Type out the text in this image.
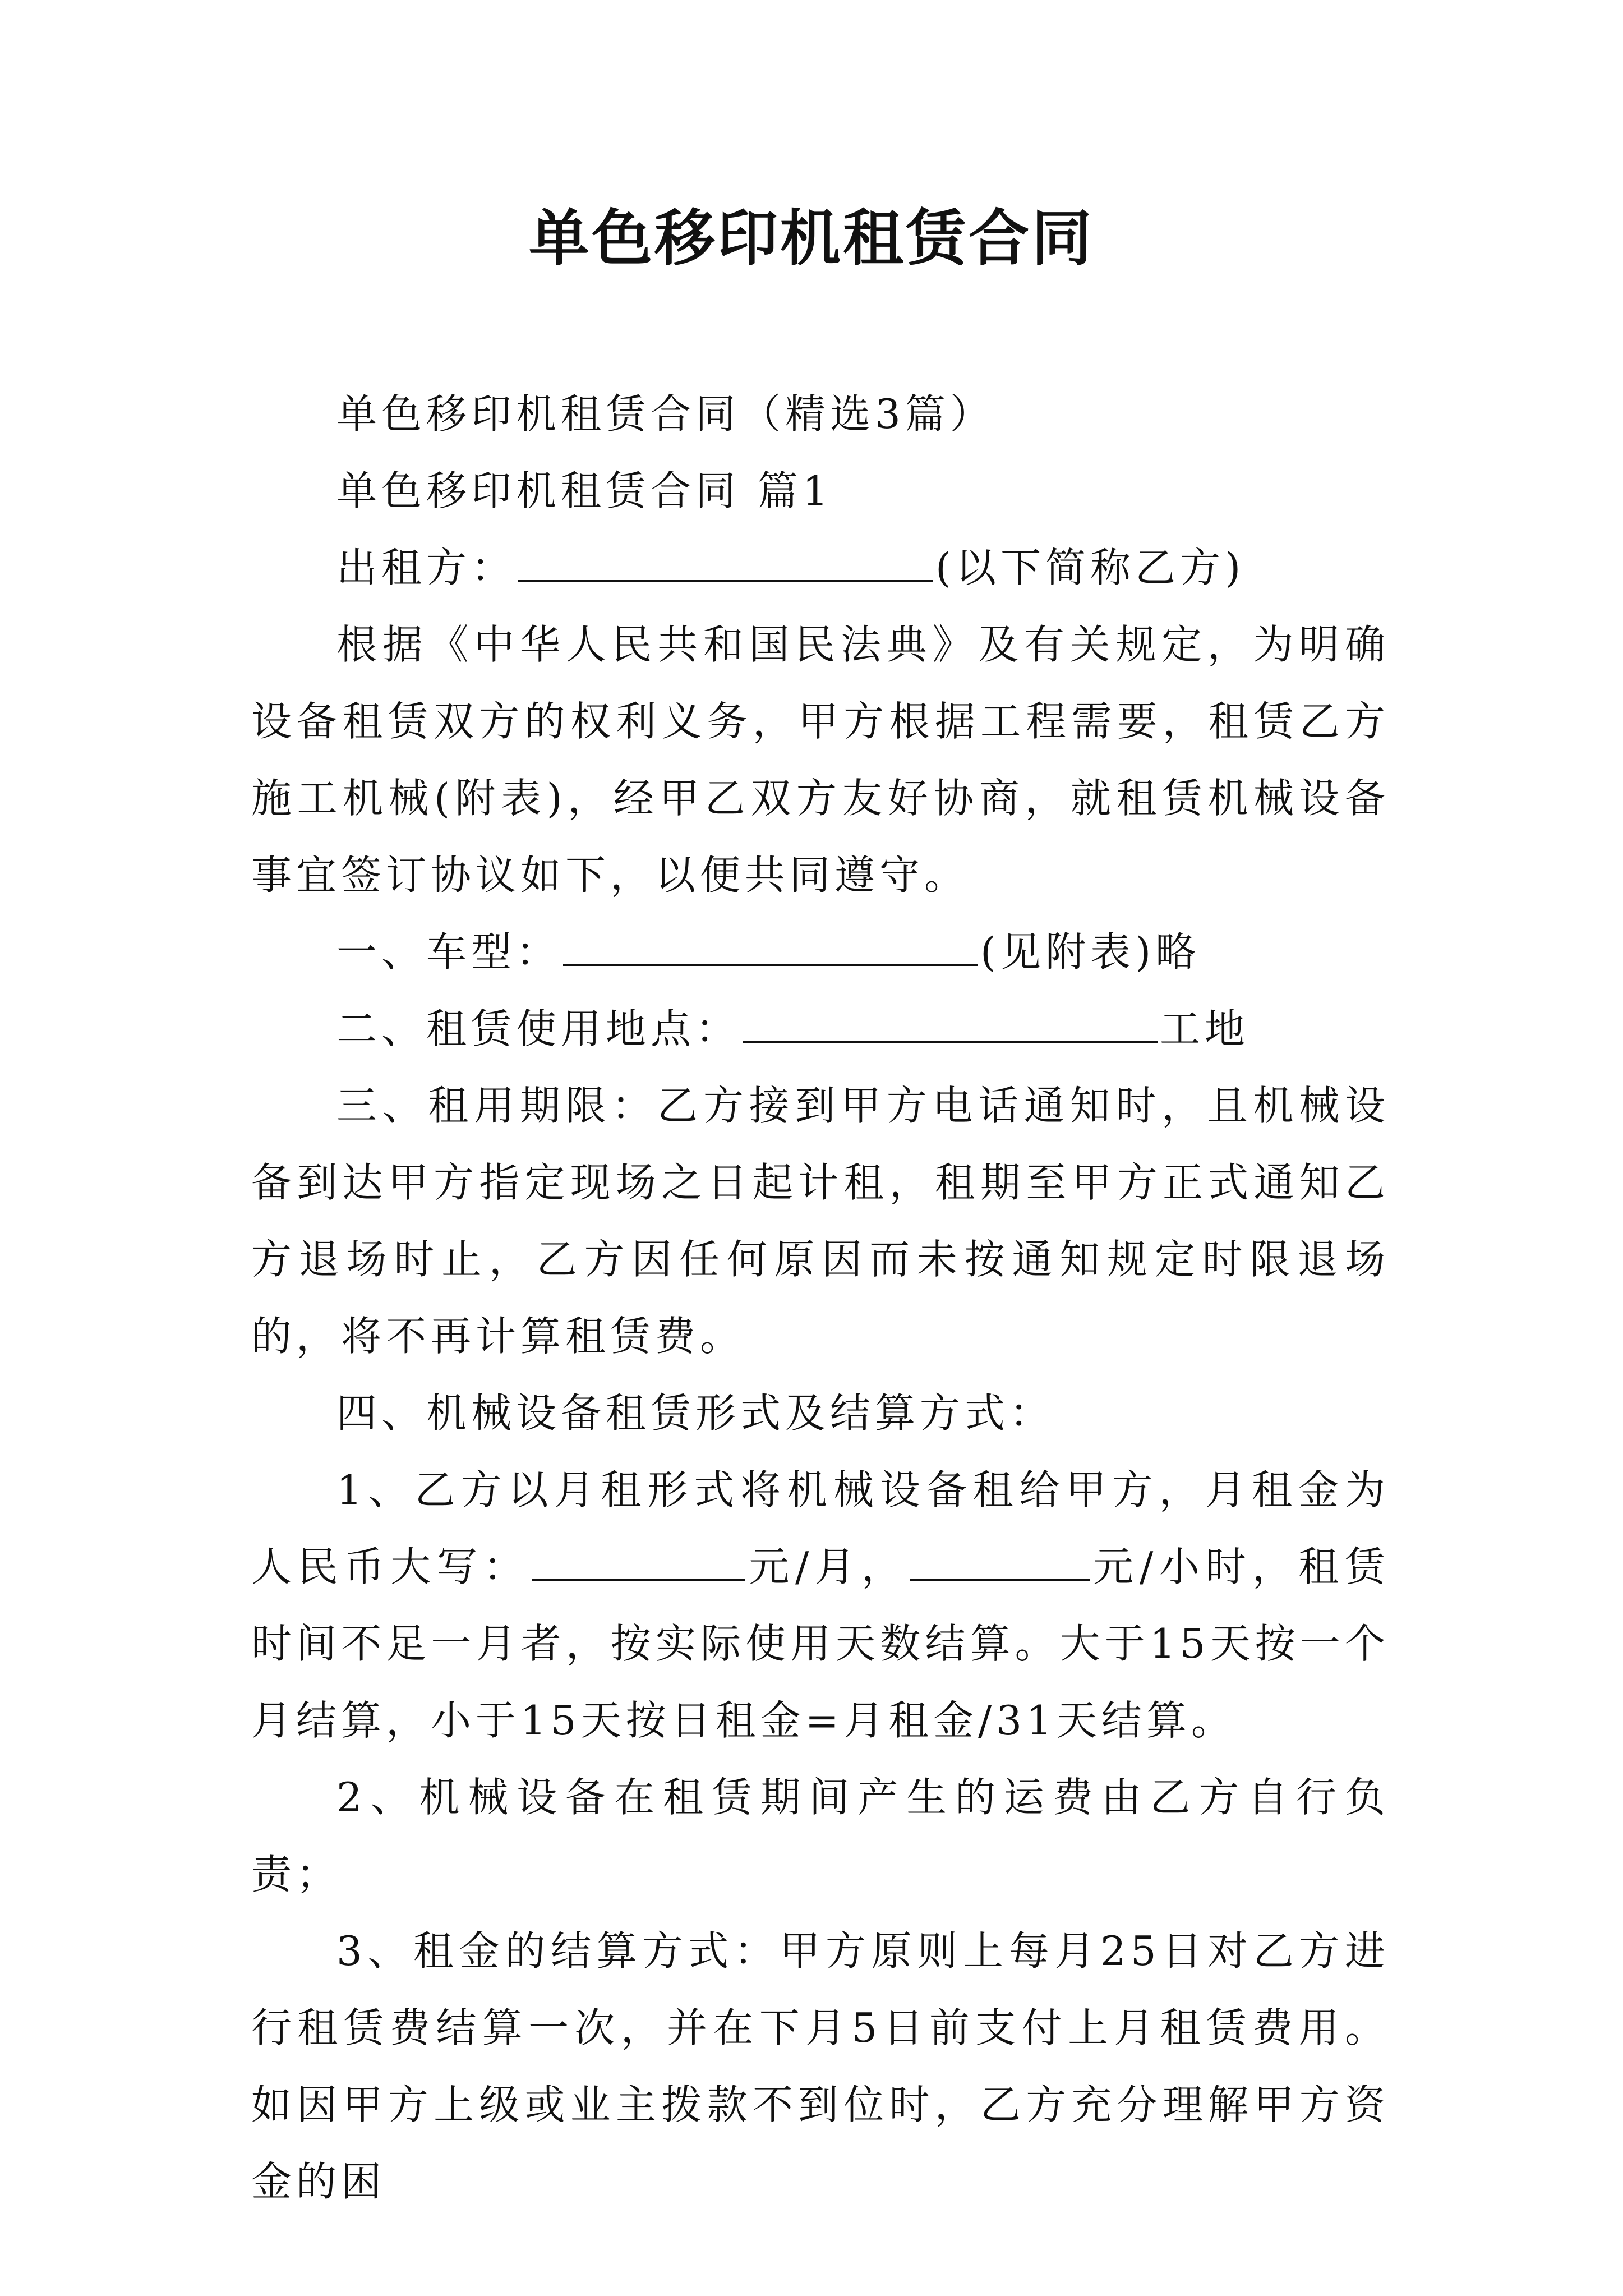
单色移印机租赁合同

单色移印机租赁合同（精选3篇）

单色移印机租赁合同 篇1

出租方：	(以下简称乙方)

根据《中华人民共和国民法典》及有关规定，为明确设备租赁双方的权利义务，甲方根据工程需要，租赁乙方施工机械(附表)，经甲乙双方友好协商，就租赁机械设备事宜签订协议如下，以便共同遵守。

一、车型：	(见附表)略

二、租赁使用地点：	工地

三、租用期限：乙方接到甲方电话通知时，且机械设备到达甲方指定现场之日起计租，租期至甲方正式通知乙方退场时止，乙方因任何原因而未按通知规定时限退场的，将不再计算租赁费。

四、机械设备租赁形式及结算方式：

1、乙方以月租形式将机械设备租给甲方，月租金为人民币大写：	元/月，	元/小时，租赁时间不足一月者，按实际使用天数结算。大于15天按一个月结算，小于15天按日租金=月租金/31天结算。

2、机械设备在租赁期间产生的运费由乙方自行负责；

3、租金的结算方式：甲方原则上每月25日对乙方进行租赁费结算一次，并在下月5日前支付上月租赁费用。如因甲方上级或业主拨款不到位时，乙方充分理解甲方资金的困
